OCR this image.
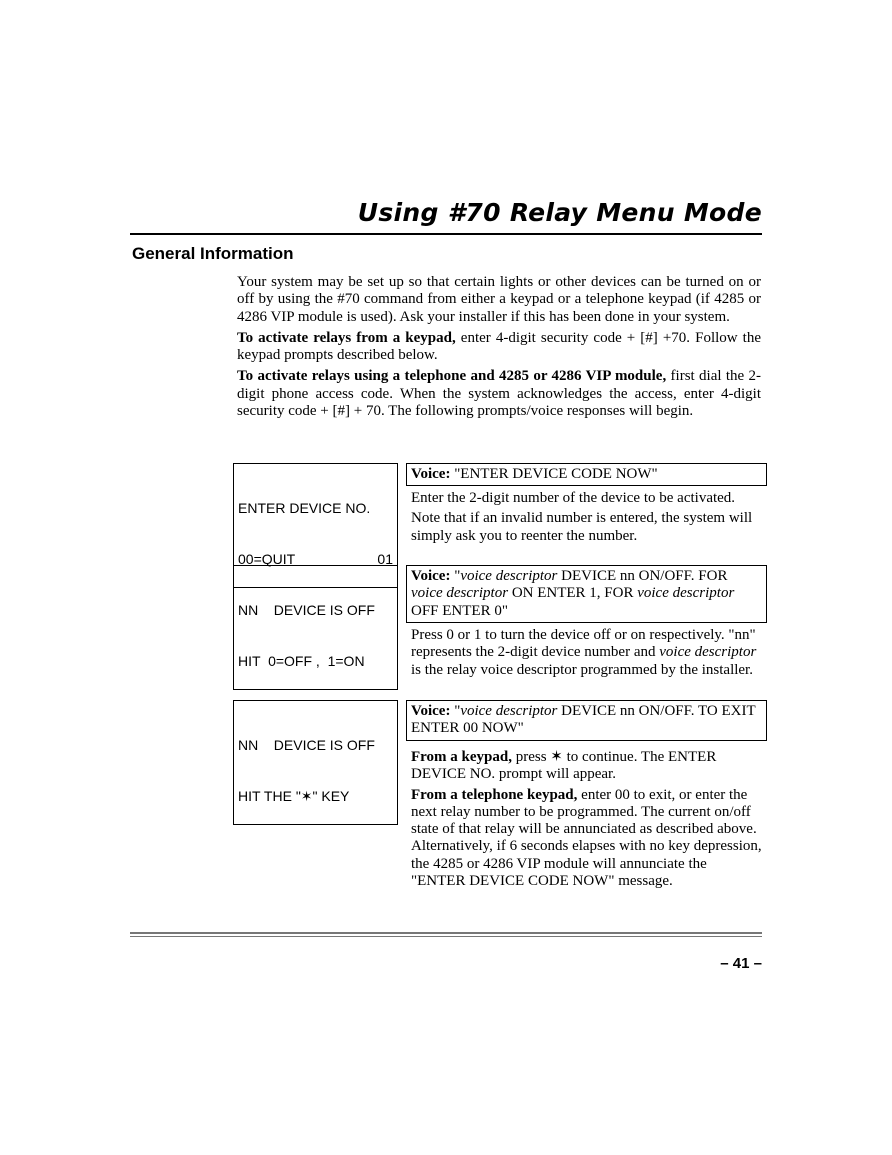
Using #70 Relay Menu Mode
General Information

Your system may be set up so that certain lights or other devices can be turned on or off by using the #70 command from either a keypad or a telephone keypad (if 4285 or 4286 VIP module is used). Ask your installer if this has been done in your system.

To activate relays from a keypad, enter 4-digit security code + [#] +70. Follow the keypad prompts described below.

To activate relays using a telephone and 4285 or 4286 VIP module, first dial the 2-digit phone access code. When the system acknowledges the access, enter 4-digit security code + [#] + 70. The following prompts/voice responses will begin.

ENTER DEVICE NO.

00=QUIT	01

Voice: "ENTER DEVICE CODE NOW"

Enter the 2-digit number of the device to be activated.

Note that if an invalid number is entered, the system will simply ask you to reenter the number.

NN    DEVICE IS OFF

HIT  0=OFF ,  1=ON

Voice: "voice descriptor DEVICE nn ON/OFF. FOR voice descriptor ON ENTER 1, FOR voice descriptor OFF ENTER 0"

Press 0 or 1 to turn the device off or on respectively. "nn" represents the 2-digit device number and voice descriptor is the relay voice descriptor programmed by the installer.

NN    DEVICE IS OFF

HIT THE "✶" KEY

Voice: "voice descriptor DEVICE nn ON/OFF. TO EXIT ENTER 00 NOW"

From a keypad, press ✶ to continue. The ENTER DEVICE NO. prompt will appear.

From a telephone keypad, enter 00 to exit, or enter the next relay number to be programmed. The current on/off state of that relay will be annunciated as described above. Alternatively, if 6 seconds elapses with no key depression, the 4285 or 4286 VIP module will annunciate the "ENTER DEVICE CODE NOW" message.

– 41 –
